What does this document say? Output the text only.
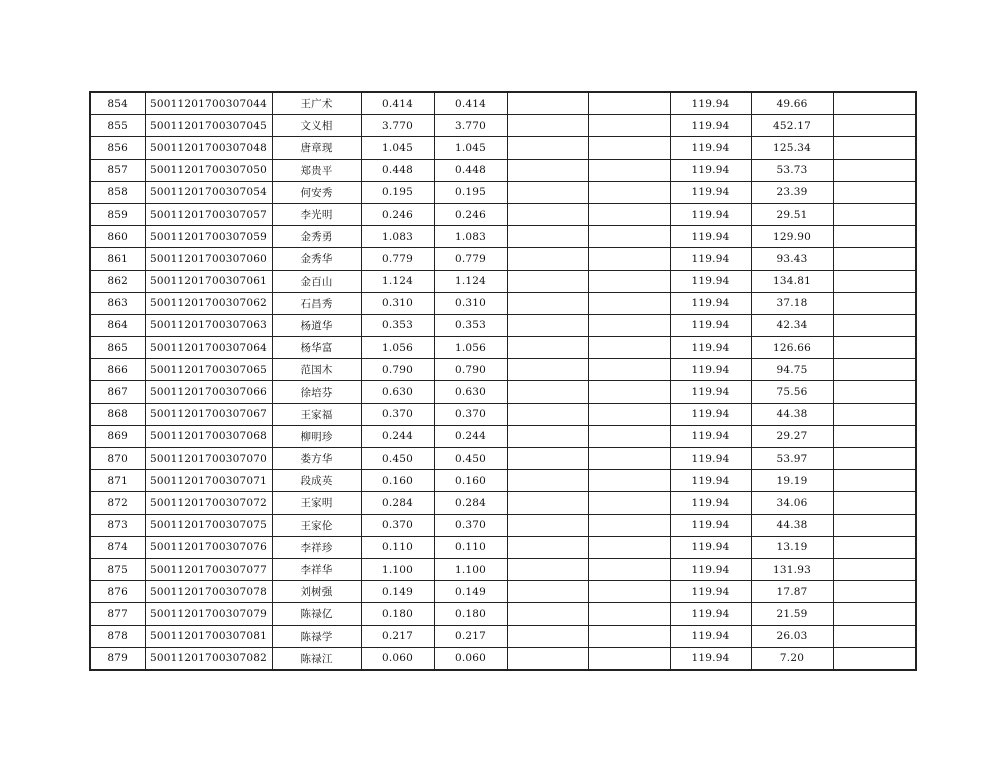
854	50011201700307044	王广术	0.414	0.414			119.94	49.66	
855	50011201700307045	文义相	3.770	3.770			119.94	452.17	
856	50011201700307048	唐章现	1.045	1.045			119.94	125.34	
857	50011201700307050	郑贵平	0.448	0.448			119.94	53.73	
858	50011201700307054	何安秀	0.195	0.195			119.94	23.39	
859	50011201700307057	李光明	0.246	0.246			119.94	29.51	
860	50011201700307059	金秀勇	1.083	1.083			119.94	129.90	
861	50011201700307060	金秀华	0.779	0.779			119.94	93.43	
862	50011201700307061	金百山	1.124	1.124			119.94	134.81	
863	50011201700307062	石昌秀	0.310	0.310			119.94	37.18	
864	50011201700307063	杨道华	0.353	0.353			119.94	42.34	
865	50011201700307064	杨华富	1.056	1.056			119.94	126.66	
866	50011201700307065	范国木	0.790	0.790			119.94	94.75	
867	50011201700307066	徐培芬	0.630	0.630			119.94	75.56	
868	50011201700307067	王家福	0.370	0.370			119.94	44.38	
869	50011201700307068	柳明珍	0.244	0.244			119.94	29.27	
870	50011201700307070	娄方华	0.450	0.450			119.94	53.97	
871	50011201700307071	段成英	0.160	0.160			119.94	19.19	
872	50011201700307072	王家明	0.284	0.284			119.94	34.06	
873	50011201700307075	王家伦	0.370	0.370			119.94	44.38	
874	50011201700307076	李祥珍	0.110	0.110			119.94	13.19	
875	50011201700307077	李祥华	1.100	1.100			119.94	131.93	
876	50011201700307078	刘树强	0.149	0.149			119.94	17.87	
877	50011201700307079	陈禄亿	0.180	0.180			119.94	21.59	
878	50011201700307081	陈禄学	0.217	0.217			119.94	26.03	
879	50011201700307082	陈禄江	0.060	0.060			119.94	7.20	
